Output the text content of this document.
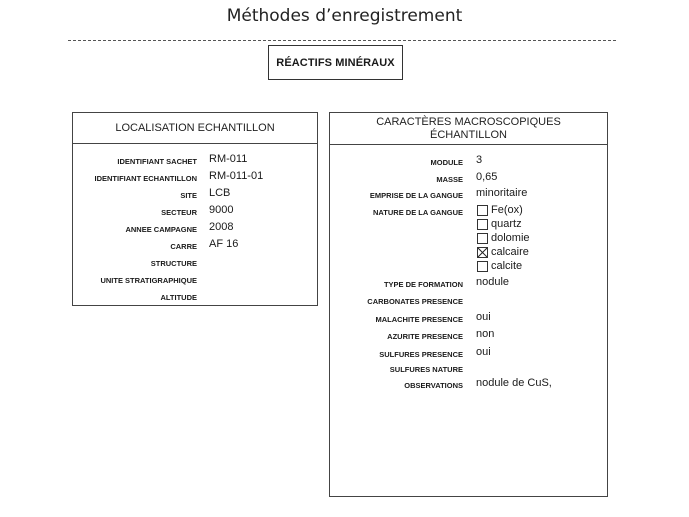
Méthodes d’enregistrement
RÉACTIFS MINÉRAUX
LOCALISATION ECHANTILLON
IDENTIFIANT SACHET RM-011
IDENTIFIANT ECHANTILLON RM-011-01
SITE LCB
SECTEUR 9000
ANNEE CAMPAGNE 2008
CARRE AF 16
STRUCTURE
UNITE STRATIGRAPHIQUE
ALTITUDE
CARACTÈRES MACROSCOPIQUES
ÉCHANTILLON
MODULE 3
MASSE 0,65
EMPRISE DE LA GANGUE minoritaire
NATURE DE LA GANGUE	Fe(ox)
quartz
dolomie
calcaire
calcite
TYPE DE FORMATION nodule
CARBONATES PRESENCE
MALACHITE PRESENCE oui
AZURITE PRESENCE non
SULFURES PRESENCE oui
SULFURES NATURE
OBSERVATIONS nodule de CuS,
